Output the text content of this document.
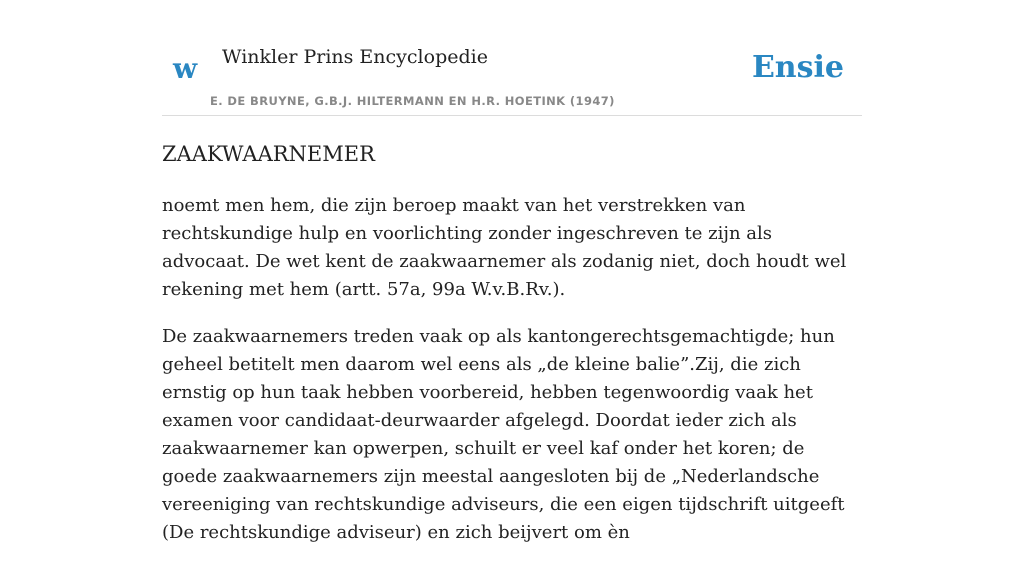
w Winkler Prins Encyclopedie
E. DE BRUYNE, G.B.J. HILTERMANN EN H.R. HOETINK (1947)
Ensie
ZAAKWAARNEMER

noemt men hem, die zijn beroep maakt van het verstrekken van rechtskundige hulp en voorlichting zonder ingeschreven te zijn als advocaat. De wet kent de zaakwaarnemer als zodanig niet, doch houdt wel rekening met hem (artt. 57a, 99a W.v.B.Rv.).

De zaakwaarnemers treden vaak op als kantongerechtsgemachtigde; hun geheel betitelt men daarom wel eens als „de kleine balie”.Zij, die zich ernstig op hun taak hebben voorbereid, hebben tegenwoordig vaak het examen voor candidaat-deurwaarder afgelegd. Doordat ieder zich als zaakwaarnemer kan opwerpen, schuilt er veel kaf onder het koren; de goede zaakwaarnemers zijn meestal aangesloten bij de „Nederlandsche vereeniging van rechtskundige adviseurs, die een eigen tijdschrift uitgeeft (De rechtskundige adviseur) en zich beijvert om èn
